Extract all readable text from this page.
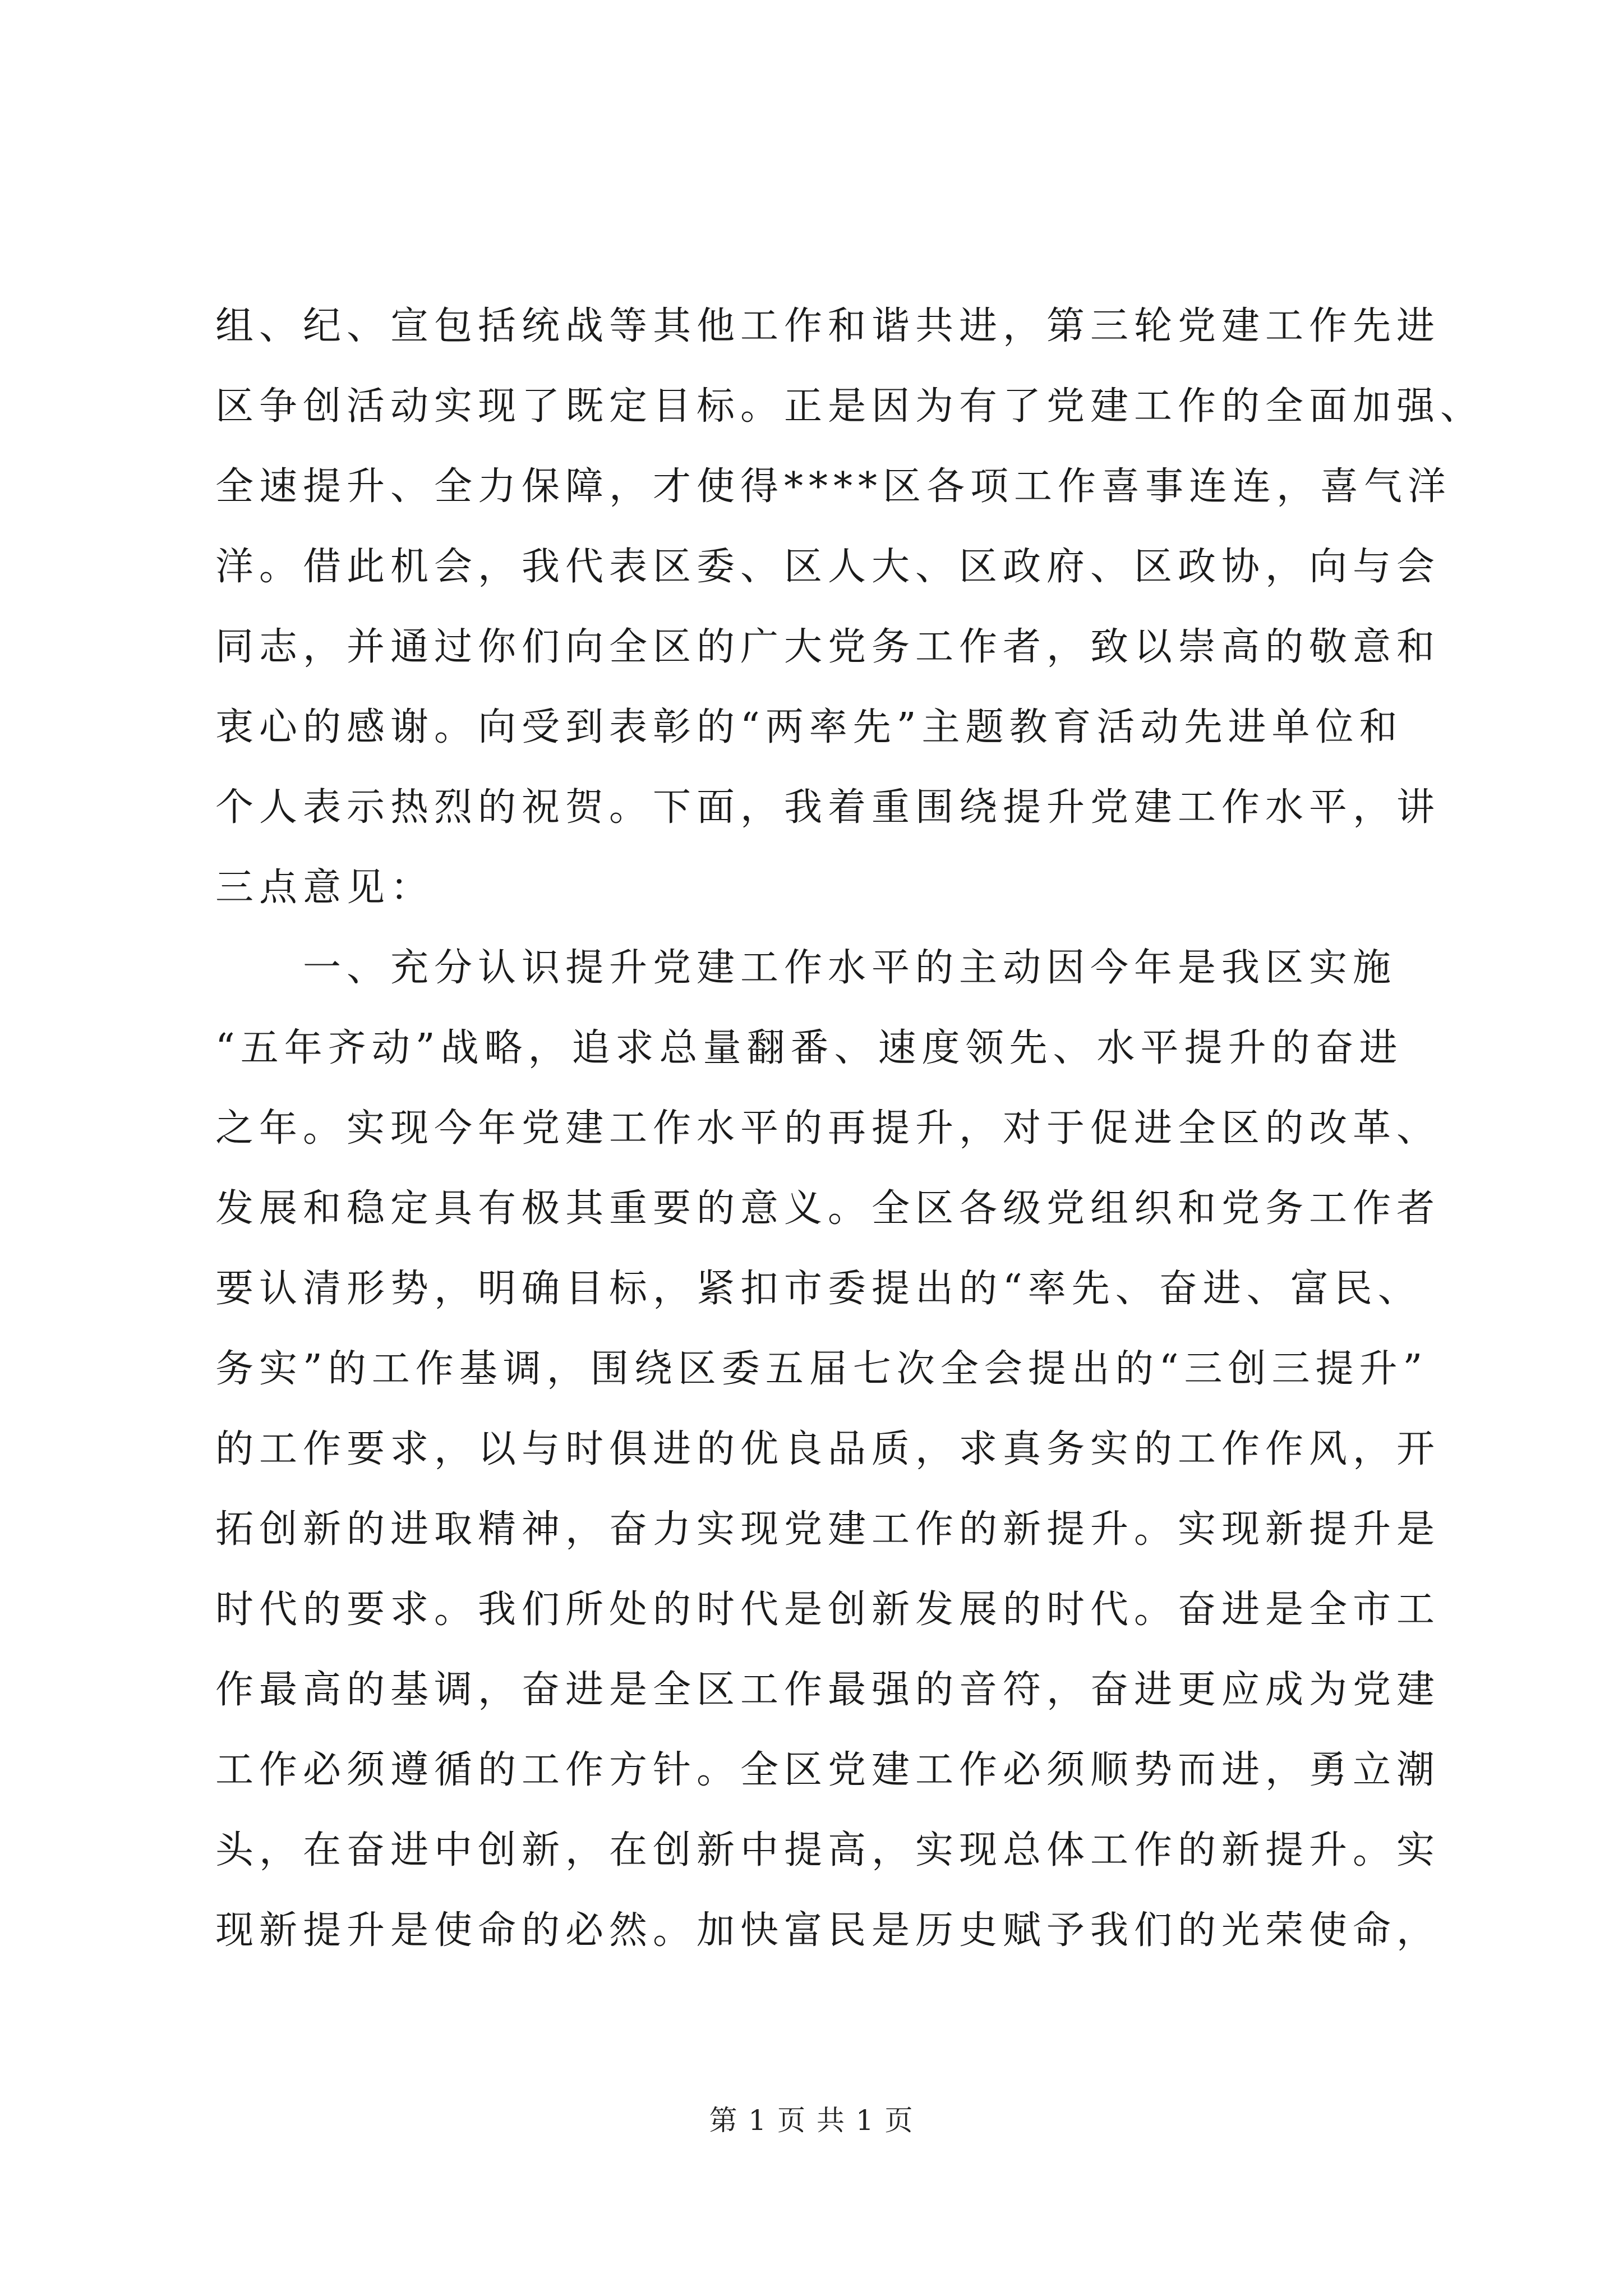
组、纪、宣包括统战等其他工作和谐共进，第三轮党建工作先进
区争创活动实现了既定目标。正是因为有了党建工作的全面加强、
全速提升、全力保障，才使得****区各项工作喜事连连，喜气洋
洋。借此机会，我代表区委、区人大、区政府、区政协，向与会
同志，并通过你们向全区的广大党务工作者，致以崇高的敬意和
衷心的感谢。向受到表彰的“两率先”主题教育活动先进单位和
个人表示热烈的祝贺。下面，我着重围绕提升党建工作水平，讲
三点意见：
　　一、充分认识提升党建工作水平的主动因今年是我区实施
“五年齐动”战略，追求总量翻番、速度领先、水平提升的奋进
之年。实现今年党建工作水平的再提升，对于促进全区的改革、
发展和稳定具有极其重要的意义。全区各级党组织和党务工作者
要认清形势，明确目标，紧扣市委提出的“率先、奋进、富民、
务实”的工作基调，围绕区委五届七次全会提出的“三创三提升”
的工作要求，以与时俱进的优良品质，求真务实的工作作风，开
拓创新的进取精神，奋力实现党建工作的新提升。实现新提升是
时代的要求。我们所处的时代是创新发展的时代。奋进是全市工
作最高的基调，奋进是全区工作最强的音符，奋进更应成为党建
工作必须遵循的工作方针。全区党建工作必须顺势而进，勇立潮
头，在奋进中创新，在创新中提高，实现总体工作的新提升。实
现新提升是使命的必然。加快富民是历史赋予我们的光荣使命，
第 1 页 共 1 页
